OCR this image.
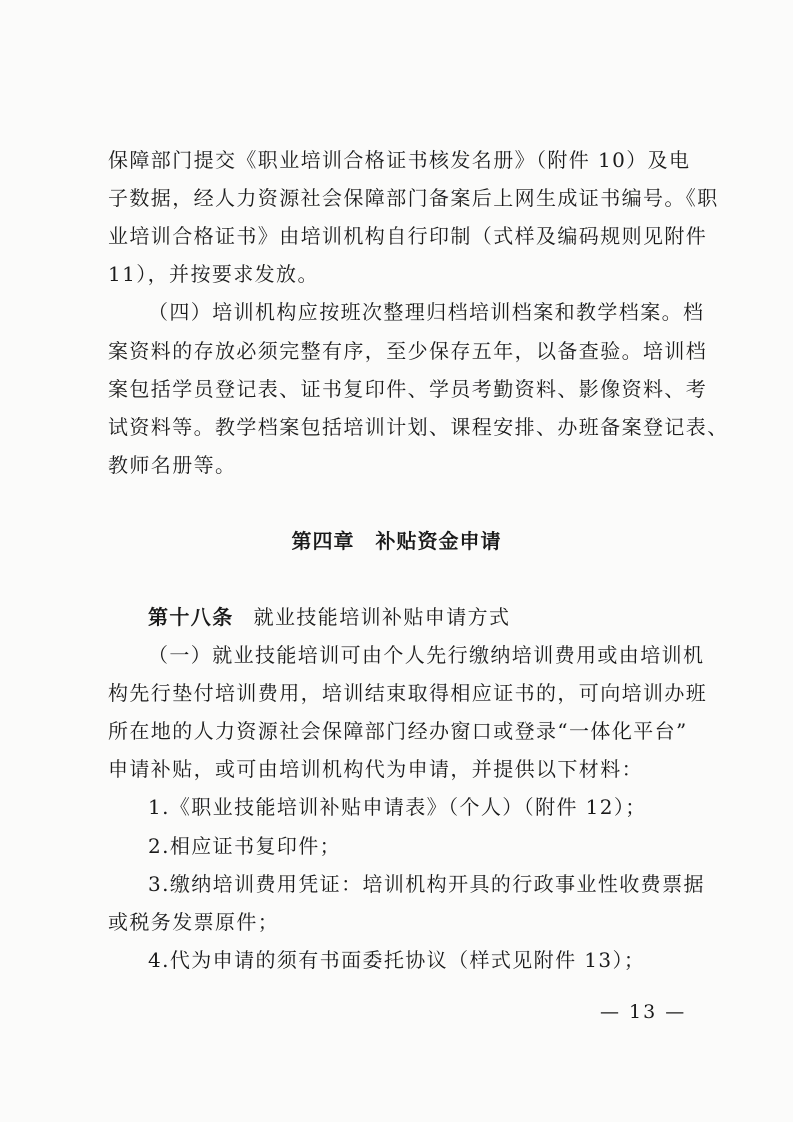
保障部门提交《职业培训合格证书核发名册》（附件 10）及电
子数据，经人力资源社会保障部门备案后上网生成证书编号。《职
业培训合格证书》由培训机构自行印制（式样及编码规则见附件
11），并按要求发放。
（四）培训机构应按班次整理归档培训档案和教学档案。档
案资料的存放必须完整有序，至少保存五年，以备查验。培训档
案包括学员登记表、证书复印件、学员考勤资料、影像资料、考
试资料等。教学档案包括培训计划、课程安排、办班备案登记表、
教师名册等。
第四章　补贴资金申请
第十八条 就业技能培训补贴申请方式
（一）就业技能培训可由个人先行缴纳培训费用或由培训机
构先行垫付培训费用，培训结束取得相应证书的，可向培训办班
所在地的人力资源社会保障部门经办窗口或登录“一体化平台”
申请补贴，或可由培训机构代为申请，并提供以下材料：
1.《职业技能培训补贴申请表》（个人）（附件 12）；
2.相应证书复印件；
3.缴纳培训费用凭证：培训机构开具的行政事业性收费票据
或税务发票原件；
4.代为申请的须有书面委托协议（样式见附件 13）；
— 13 —
